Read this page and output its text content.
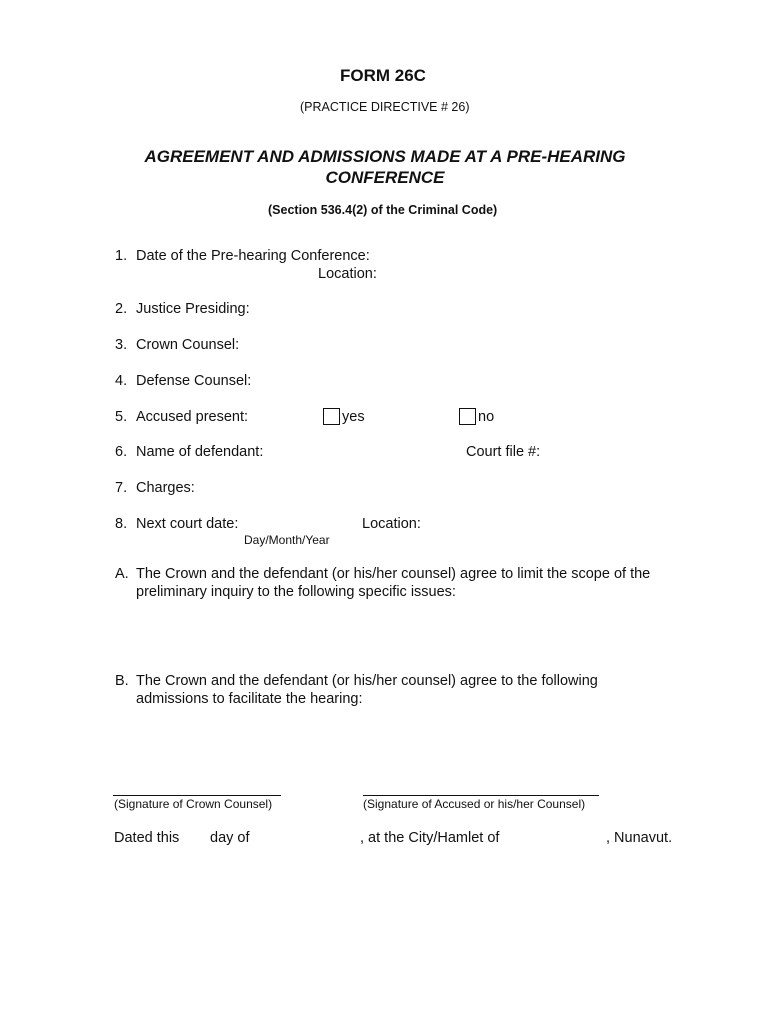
FORM 26C
(PRACTICE DIRECTIVE # 26)
AGREEMENT AND ADMISSIONS MADE AT A PRE-HEARING
CONFERENCE
(Section 536.4(2) of the Criminal Code)
1. Date of the Pre-hearing Conference:
Location:
2. Justice Presiding:
3. Crown Counsel:
4. Defense Counsel:
5. Accused present:	yes	no
6. Name of defendant:	Court file #:
7. Charges:
8. Next court date:	Location:
Day/Month/Year
A. The Crown and the defendant (or his/her counsel) agree to limit the scope of the
preliminary inquiry to the following specific issues:
B. The Crown and the defendant (or his/her counsel) agree to the following
admissions to facilitate the hearing:
(Signature of Crown Counsel)	(Signature of Accused or his/her Counsel)
Dated this day of	, at the City/Hamlet of	, Nunavut.
